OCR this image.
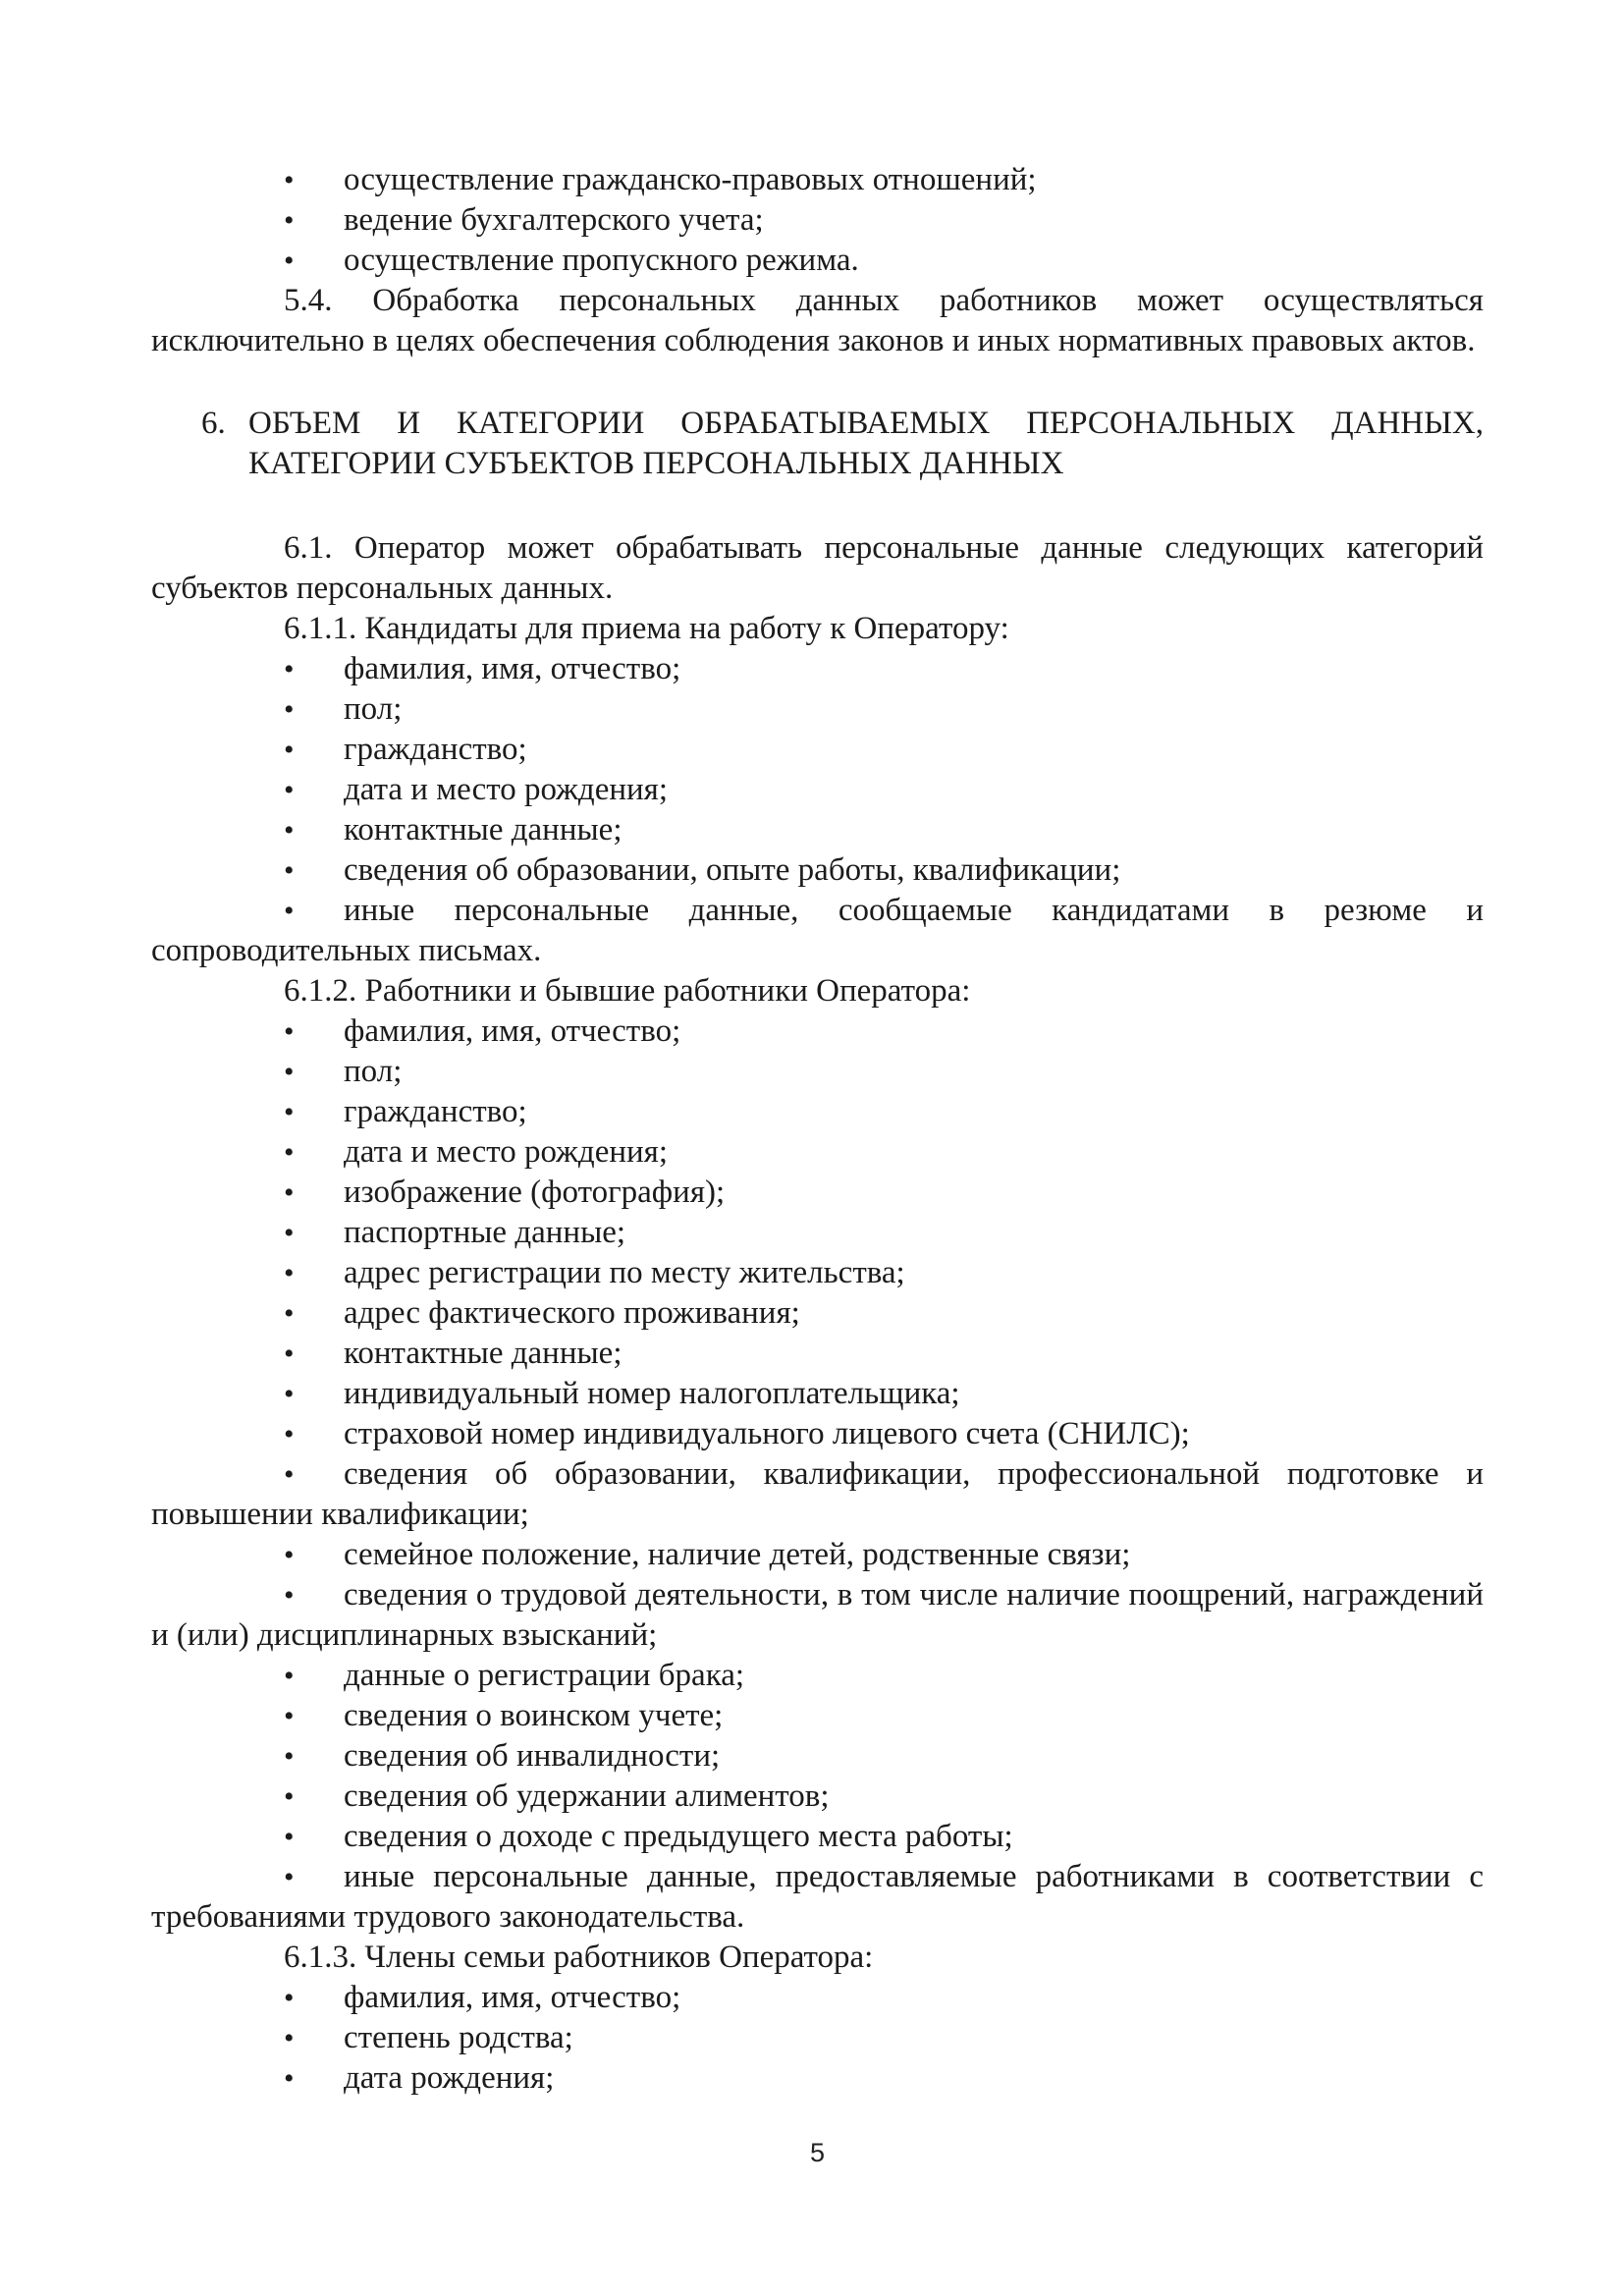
• осуществление гражданско-правовых отношений;

• ведение бухгалтерского учета;

• осуществление пропускного режима.

5.4. Обработка персональных данных работников может осуществляться исключительно в целях обеспечения соблюдения законов и иных нормативных правовых актов.

6. ОБЪЕМ И КАТЕГОРИИ ОБРАБАТЫВАЕМЫХ ПЕРСОНАЛЬНЫХ ДАННЫХ, КАТЕГОРИИ СУБЪЕКТОВ ПЕРСОНАЛЬНЫХ ДАННЫХ

6.1. Оператор может обрабатывать персональные данные следующих категорий субъектов персональных данных.

6.1.1. Кандидаты для приема на работу к Оператору:

• фамилия, имя, отчество;

• пол;

• гражданство;

• дата и место рождения;

• контактные данные;

• сведения об образовании, опыте работы, квалификации;

• иные персональные данные, сообщаемые кандидатами в резюме и сопроводительных письмах.

6.1.2. Работники и бывшие работники Оператора:

• фамилия, имя, отчество;

• пол;

• гражданство;

• дата и место рождения;

• изображение (фотография);

• паспортные данные;

• адрес регистрации по месту жительства;

• адрес фактического проживания;

• контактные данные;

• индивидуальный номер налогоплательщика;

• страховой номер индивидуального лицевого счета (СНИЛС);

• сведения об образовании, квалификации, профессиональной подготовке и повышении квалификации;

• семейное положение, наличие детей, родственные связи;

• сведения о трудовой деятельности, в том числе наличие поощрений, награждений и (или) дисциплинарных взысканий;

• данные о регистрации брака;

• сведения о воинском учете;

• сведения об инвалидности;

• сведения об удержании алиментов;

• сведения о доходе с предыдущего места работы;

• иные персональные данные, предоставляемые работниками в соответствии с требованиями трудового законодательства.

6.1.3. Члены семьи работников Оператора:

• фамилия, имя, отчество;

• степень родства;

• дата рождения;

5
